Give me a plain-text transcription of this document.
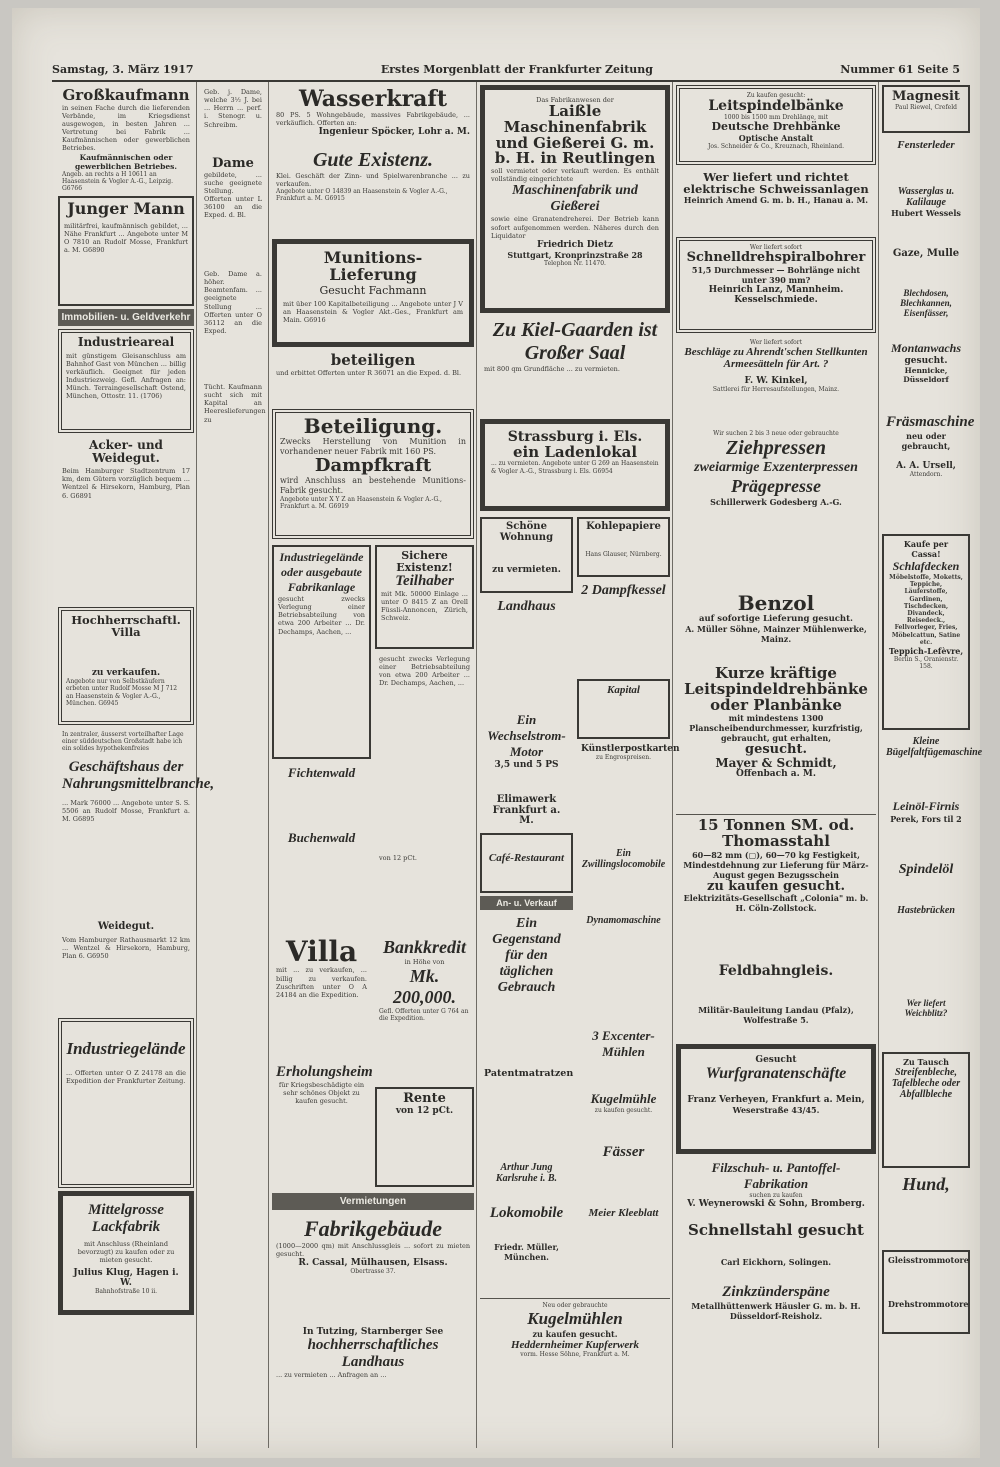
Samstag, 3. März 1917	Erstes Morgenblatt der Frankfurter Zeitung	Nummer 61 Seite 5
Großkaufmann
in seinen Fache durch die lieferenden Verbände, im Kriegsdienst ausgewogen, in besten Jahren ... Vertretung bei Fabrik ... Kaufmännischen oder gewerblichen Betriebes.
Kaufmännischen oder gewerblichen Betriebes.
Angeb. an rechts a H 10611 an Haasenstein & Vogler A.-G., Leipzig. G6766
Junger Mann
militärfrei, kaufmännisch gebildet, ... Nähe Frankfurt ... Angebote unter M O 7810 an Rudolf Mosse, Frankfurt a. M. G6890
Immobilien- u. Geldverkehr
Industrieareal
mit günstigem Gleisanschluss am Bahnhof Gast von München ... billig verkäuflich. Geeignet für jeden Industriezweig. Gefl. Anfragen an: Münch. Terraingesellschaft Ostend, München, Ottostr. 11. (1706)
Acker- und Weidegut.
Beim Hamburger Stadtzentrum 17 km, dem Gütern vorzüglich bequem ... Wentzel & Hirsekorn, Hamburg, Plan 6. G6891
Hochherrschaftl. Villa
zu verkaufen.
Angebote nur von Selbstkäufern erbeten unter Rudolf Mosse M J 712 an Haasenstein & Vogler A.-G., München. G6945
In zentraler, äusserst vorteilhafter Lage einer süddeutschen Großstadt habe ich ein solides hypothekenfreies
Geschäftshaus der Nahrungsmittelbranche,
... Mark 76000 ... Angebote unter S. S. 5506 an Rudolf Mosse, Frankfurt a. M. G6895
Weidegut.
Vom Hamburger Rathausmarkt 12 km ... Wentzel & Hirsekorn, Hamburg, Plan 6. G6950
Industriegelände
... Offerten unter O Z 24178 an die Expedition der Frankfurter Zeitung.
Mittelgrosse Lackfabrik
mit Anschluss (Rheinland bevorzugt) zu kaufen oder zu mieten gesucht.
Julius Klug, Hagen i. W.
Bahnhofstraße 10 ii.
Geb. j. Dame, welche 3½ J. bei ... Herrn ... perf. i. Stenogr. u. Schreibm.
Dame
gebildete, ... suche geeignete Stellung. Offerten unter L 36100 an die Exped. d. Bl.
Geb. Dame a. höher. Beamtenfam. ... geeignete Stellung ... Offerten unter O 36112 an die Exped.
Tücht. Kaufmann sucht sich mit Kapital an Heereslieferungen zu
Wasserkraft
80 PS. 5 Wohngebäude, massives Fabrikgebäude, ... verkäuflich. Offerten an:
Ingenieur Spöcker, Lohr a. M.
Gute Existenz.
Klei. Geschäft der Zinn- und Spielwarenbranche ... zu verkaufen.
Angebote unter O 14839 an Haasenstein & Vogler A.-G., Frankfurt a. M. G6915
Munitions-Lieferung
Gesucht Fachmann
mit über 100 Kapitalbeteiligung ... Angebote unter J V an Haasenstein & Vogler Akt.-Ges., Frankfurt am Main. G6916
beteiligen
und erbittet Offerten unter R 36071 an die Exped. d. Bl.
Beteiligung.
Zwecks Herstellung von Munition in vorhandener neuer Fabrik mit 160 PS.
Dampfkraft
wird Anschluss an bestehende Munitions-Fabrik gesucht.
Angebote unter X Y Z an Haasenstein & Vogler A.-G., Frankfurt a. M. G6919
Industriegelände oder ausgebaute Fabrikanlage
gesucht zwecks Verlegung einer Betriebsabteilung von etwa 200 Arbeiter ... Dr. Dechamps, Aachen, ...
Fichtenwald
Buchenwald
Villa
mit ... zu verkaufen, ... billig zu verkaufen. Zuschriften unter O A 24184 an die Expedition.
Erholungsheim
für Kriegsbeschädigte ein sehr schönes Objekt zu kaufen gesucht.
Sichere Existenz!
Teilhaber
mit Mk. 50000 Einlage ... unter O 8415 Z an Orell Füssli-Annoncen, Zürich, Schweiz.
gesucht zwecks Verlegung einer Betriebsabteilung von etwa 200 Arbeiter ... Dr. Dechamps, Aachen, ...
von 12 pCt.
Bankkredit
in Höhe von
Mk. 200,000.
Gefl. Offerten unter G 764 an die Expedition.
Rente
von 12 pCt.
Vermietungen
Fabrikgebäude
(1000—2000 qm) mit Anschlussgleis ... sofort zu mieten gesucht.
R. Cassal, Mülhausen, Elsass.
Obertrasse 37.
In Tutzing, Starnberger See
hochherrschaftliches Landhaus
... zu vermieten ... Anfragen an ...
Das Fabrikanwesen der
Laißle Maschinenfabrik und Gießerei G. m. b. H. in Reutlingen
soll vermietet oder verkauft werden. Es enthält vollständig eingerichtete
Maschinenfabrik und Gießerei
sowie eine Granatendreherei. Der Betrieb kann sofort aufgenommen werden. Näheres durch den Liquidator
Friedrich Dietz
Stuttgart, Kronprinzstraße 28
Telephon Nr. 11470.
Zu Kiel-Gaarden ist Großer Saal
mit 800 qm Grundfläche ... zu vermieten.
Strassburg i. Els.
ein Ladenlokal
... zu vermieten. Angebote unter G 269 an Haasenstein & Vogler A.-G., Strassburg i. Els. G6954
Schöne Wohnung
zu vermieten.
Landhaus
Ein Wechselstrom-Motor
3,5 und 5 PS
Elimawerk Frankfurt a. M.
Café-Restaurant
An- u. Verkauf
Ein Gegenstand für den täglichen Gebrauch
Patentmatratzen
Arthur Jung Karlsruhe i. B.
Lokomobile
Friedr. Müller, München.
Kohlepapiere
Hans Glauser, Nürnberg.
2 Dampfkessel
Kapital
Künstlerpostkarten
zu Engrospreisen.
Ein Zwillingslocomobile
Dynamomaschine
3 Excenter-Mühlen
Kugelmühle
zu kaufen gesucht.
Fässer
Meier Kleeblatt
Neu oder gebrauchte
Kugelmühlen
zu kaufen gesucht.
Heddernheimer Kupferwerk
vorm. Hesse Söhne, Frankfurt a. M.
Zu kaufen gesucht:
Leitspindelbänke
1000 bis 1500 mm Drehlänge, mit
Deutsche Drehbänke
Optische Anstalt
Jos. Schneider & Co., Kreuznach, Rheinland.
Wer liefert und richtet elektrische Schweissanlagen
Heinrich Amend G. m. b. H., Hanau a. M.
Wer liefert sofort
Schnelldrehspiralbohrer
51,5 Durchmesser — Bohrlänge nicht unter 390 mm?
Heinrich Lanz, Mannheim.
Kesselschmiede.
Wer liefert sofort
Beschläge zu Ahrendt'schen Stellkunten Armeesätteln für Art. ?
F. W. Kinkel,
Sattlerei für Herresaufstellungen, Mainz.
Wir suchen 2 bis 3 neue oder gebrauchte
Ziehpressen
zweiarmige Exzenterpressen
Prägepresse
Schillerwerk Godesberg A.-G.
Benzol
auf sofortige Lieferung gesucht.
A. Müller Söhne, Mainzer Mühlenwerke, Mainz.
Kurze kräftige Leitspindeldrehbänke oder Planbänke
mit mindestens 1300 Planscheibendurchmesser, kurzfristig, gebraucht, gut erhalten,
gesucht.
Mayer & Schmidt,
Offenbach a. M.
15 Tonnen SM. od. Thomasstahl
60—82 mm (▢), 60—70 kg Festigkeit, Mindestdehnung zur Lieferung für März-August gegen Bezugsschein
zu kaufen gesucht.
Elektrizitäts-Gesellschaft „Colonia" m. b. H. Cöln-Zollstock.
Feldbahngleis.
Militär-Bauleitung Landau (Pfalz), Wolfestraße 5.
Gesucht
Wurfgranatenschäfte
Franz Verheyen, Frankfurt a. Mein,
Weserstraße 43/45.
Filzschuh- u. Pantoffel-Fabrikation
suchen zu kaufen
V. Weynerowski & Sohn, Bromberg.
Schnellstahl gesucht
Carl Eickhorn, Solingen.
Zinkzünderspäne
Metallhüttenwerk Häusler G. m. b. H.
Düsseldorf-Reisholz.
Magnesit
Paul Riewel, Crefeld
Fensterleder
Wasserglas u. Kalilauge
Hubert Wessels
Gaze, Mulle
Blechdosen, Blechkannen, Eisenfässer,
Montanwachs
gesucht.
Hennicke, Düsseldorf
Fräsmaschine
neu oder gebraucht,
A. A. Ursell,
Attendorn.
Kaufe per Cassa!
Schlafdecken
Möbelstoffe, Moketts, Teppiche, Läuferstoffe, Gardinen, Tischdecken, Divandeck, Reisedeck., Fellvorleger, Fries, Möbelcattun, Satine etc.
Teppich-Lefèvre,
Berlin S., Oranienstr. 158.
Kleine Bügelfaltfügemaschine
Leinöl-Firnis
Perek, Fors til 2
Spindelöl
Hastebrücken
Wer liefert Weichblitz?
Zu Tausch
Streifenbleche, Tafelbleche oder Abfallbleche
Hund,
Gleisstrommotore
Drehstrommotore
